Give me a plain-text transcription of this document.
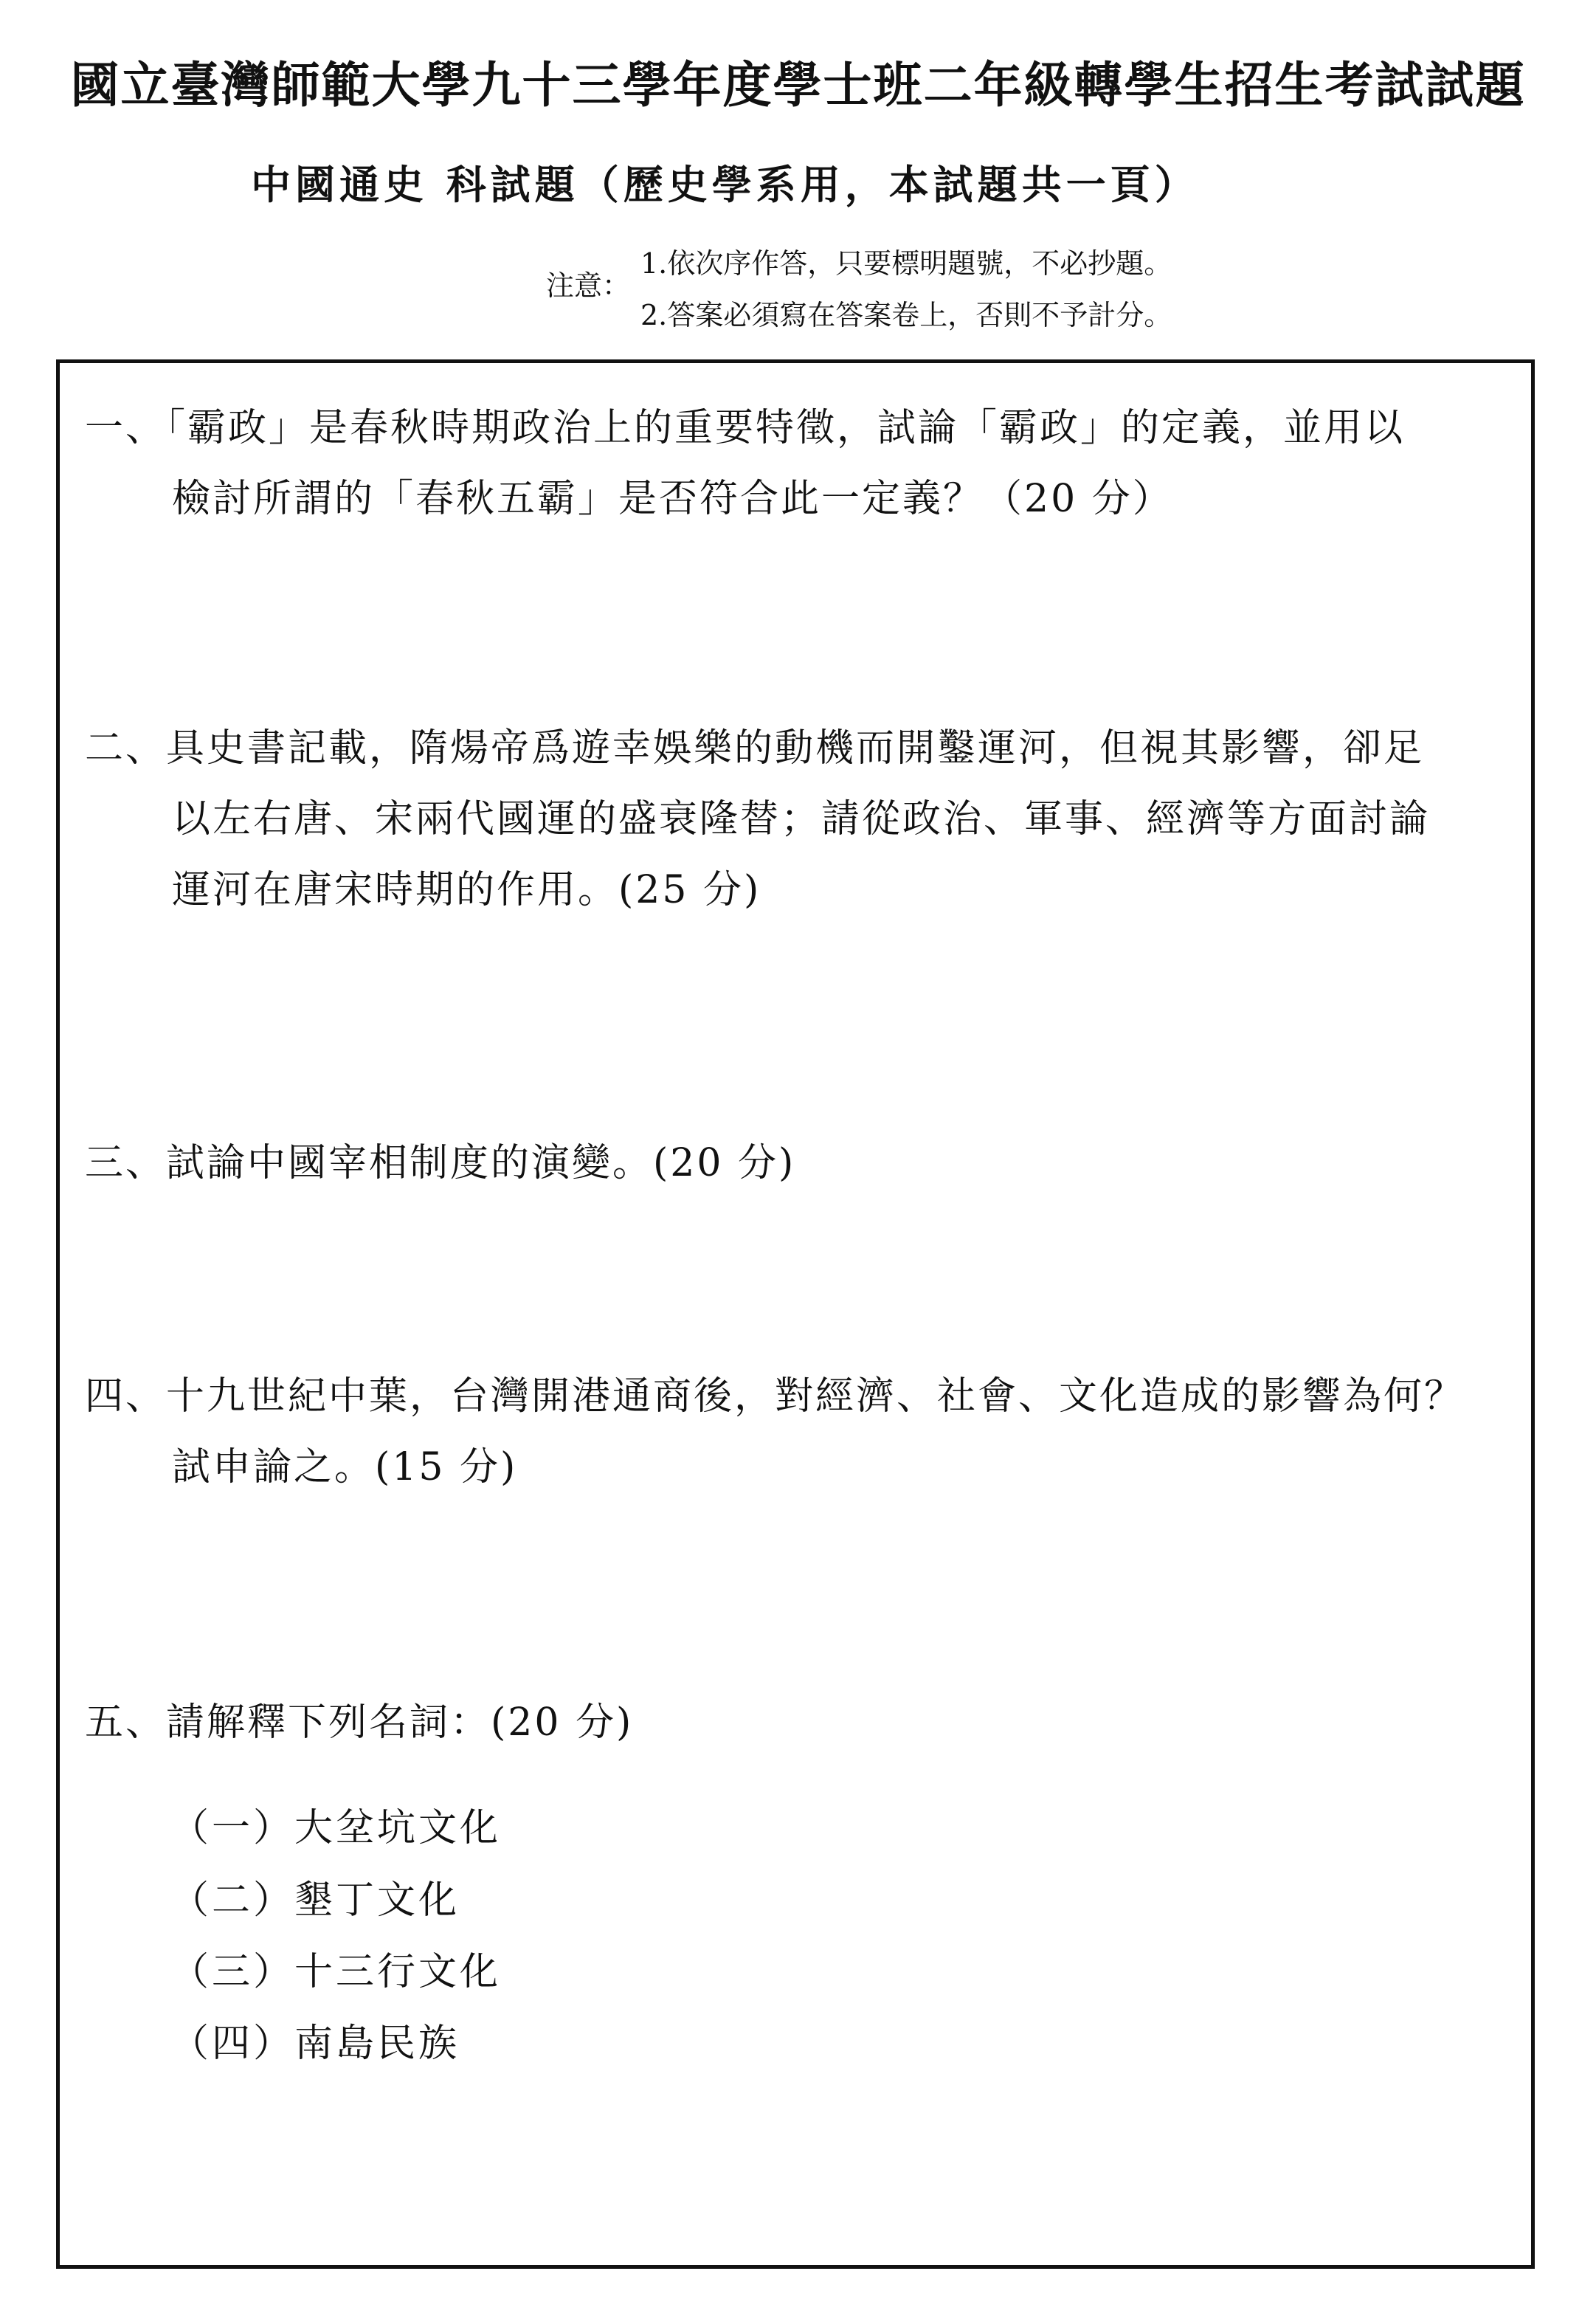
國立臺灣師範大學九十三學年度學士班二年級轉學生招生考試試題
中國通史 科試題（歷史學系用，本試題共一頁）
注意：
1.依次序作答，只要標明題號，不必抄題。
2.答案必須寫在答案卷上，否則不予計分。
一、「霸政」是春秋時期政治上的重要特徵，試論「霸政」的定義，並用以
檢討所謂的「春秋五霸」是否符合此一定義？（20 分）
二、具史書記載，隋煬帝爲遊幸娛樂的動機而開鑿運河，但視其影響，卻足
以左右唐、宋兩代國運的盛衰隆替；請從政治、軍事、經濟等方面討論
運河在唐宋時期的作用。(25 分)
三、試論中國宰相制度的演變。(20 分)
四、十九世紀中葉，台灣開港通商後，對經濟、社會、文化造成的影響為何？
試申論之。(15 分)
五、請解釋下列名詞：(20 分)
（一）大坌坑文化
（二）墾丁文化
（三）十三行文化
（四）南島民族
